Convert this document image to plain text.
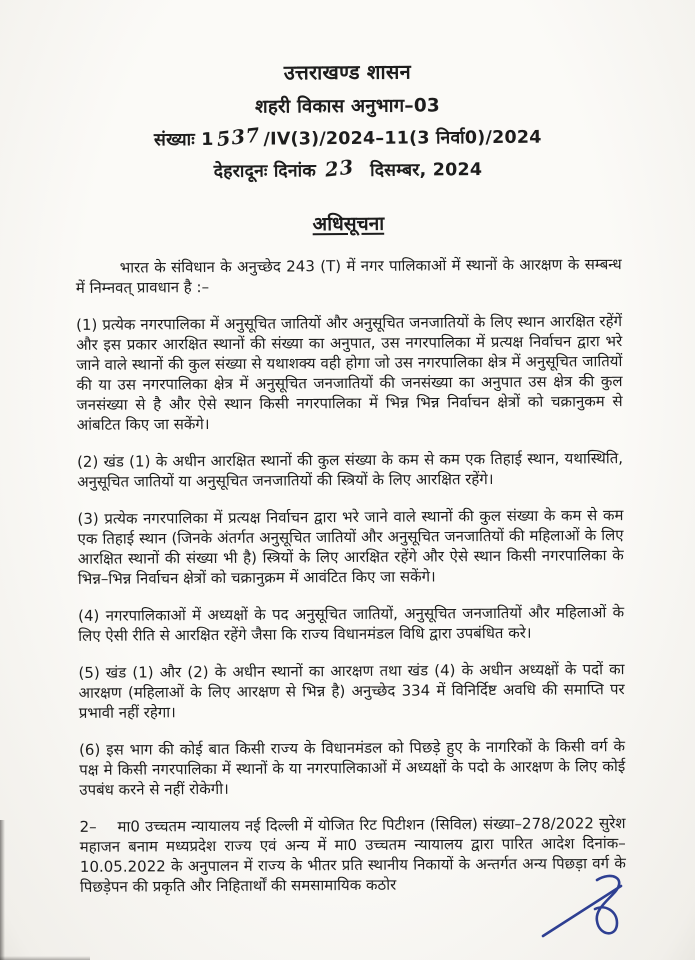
उत्तराखण्ड शासन
शहरी विकास अनुभाग–03
संख्याः 1537 /IV(3)/2024–11(3 निर्वा0)/2024
देहरादूनः दिनांक 23  दिसम्बर, 2024
अधिसूचना

भारत के संविधान के अनुच्छेद 243 (T) में नगर पालिकाओं में स्थानों के आरक्षण के सम्बन्ध में निम्नवत् प्रावधान है :–

(1) प्रत्येक नगरपालिका में अनुसूचित जातियों और अनुसूचित जनजातियों के लिए स्थान आरक्षित रहेंगें और इस प्रकार आरक्षित स्थानों की संख्या का अनुपात, उस नगरपालिका में प्रत्यक्ष निर्वाचन द्वारा भरे जाने वाले स्थानों की कुल संख्या से यथाशक्य वही होगा जो उस नगरपालिका क्षेत्र में अनुसूचित जातियों की या उस नगरपालिका क्षेत्र में अनुसूचित जनजातियों की जनसंख्या का अनुपात उस क्षेत्र की कुल जनसंख्या से है और ऐसे स्थान किसी नगरपालिका में भिन्न भिन्न निर्वाचन क्षेत्रों को चक्रानुकम से आंबटित किए जा सकेंगे।

(2) खंड (1) के अधीन आरक्षित स्थानों की कुल संख्या के कम से कम एक तिहाई स्थान, यथास्थिति, अनुसूचित जातियों या अनुसूचित जनजातियों की स्त्रियों के लिए आरक्षित रहेंगे।

(3) प्रत्येक नगरपालिका में प्रत्यक्ष निर्वाचन द्वारा भरे जाने वाले स्थानों की कुल संख्या के कम से कम एक तिहाई स्थान (जिनके अंतर्गत अनुसूचित जातियों और अनुसूचित जनजातियों की महिलाओं के लिए आरक्षित स्थानों की संख्या भी है) स्त्रियों के लिए आरक्षित रहेंगे और ऐसे स्थान किसी नगरपालिका के भिन्न–भिन्न निर्वाचन क्षेत्रों को चक्रानुक्रम में आवंटित किए जा सकेंगे।

(4) नगरपालिकाओं में अध्यक्षों के पद अनुसूचित जातियों, अनुसूचित जनजातियों और महिलाओं के लिए ऐसी रीति से आरक्षित रहेंगे जैसा कि राज्य विधानमंडल विधि द्वारा उपबंधित करे।

(5) खंड (1) और (2) के अधीन स्थानों का आरक्षण तथा खंड (4) के अधीन अध्यक्षों के पदों का आरक्षण (महिलाओं के लिए आरक्षण से भिन्न है) अनुच्छेद 334 में विनिर्दिष्ट अवधि की समाप्ति पर प्रभावी नहीं रहेगा।

(6) इस भाग की कोई बात किसी राज्य के विधानमंडल को पिछड़े हुए के नागरिकों के किसी वर्ग के पक्ष मे किसी नगरपालिका में स्थानों के या नगरपालिकाओं में अध्यक्षों के पदो के आरक्षण के लिए कोई उपबंध करने से नहीं रोकेगी।

2–    मा0 उच्चतम न्यायालय नई दिल्ली में योजित रिट पिटीशन (सिविल) संख्या–278/2022 सुरेश महाजन बनाम मध्यप्रदेश राज्य एवं अन्य में मा0 उच्चतम न्यायालय द्वारा पारित आदेश दिनांक–10.05.2022 के अनुपालन में राज्य के भीतर प्रति स्थानीय निकायों के अन्तर्गत अन्य पिछड़ा वर्ग के पिछड़ेपन की प्रकृति और निहितार्थों की समसामायिक कठोर
